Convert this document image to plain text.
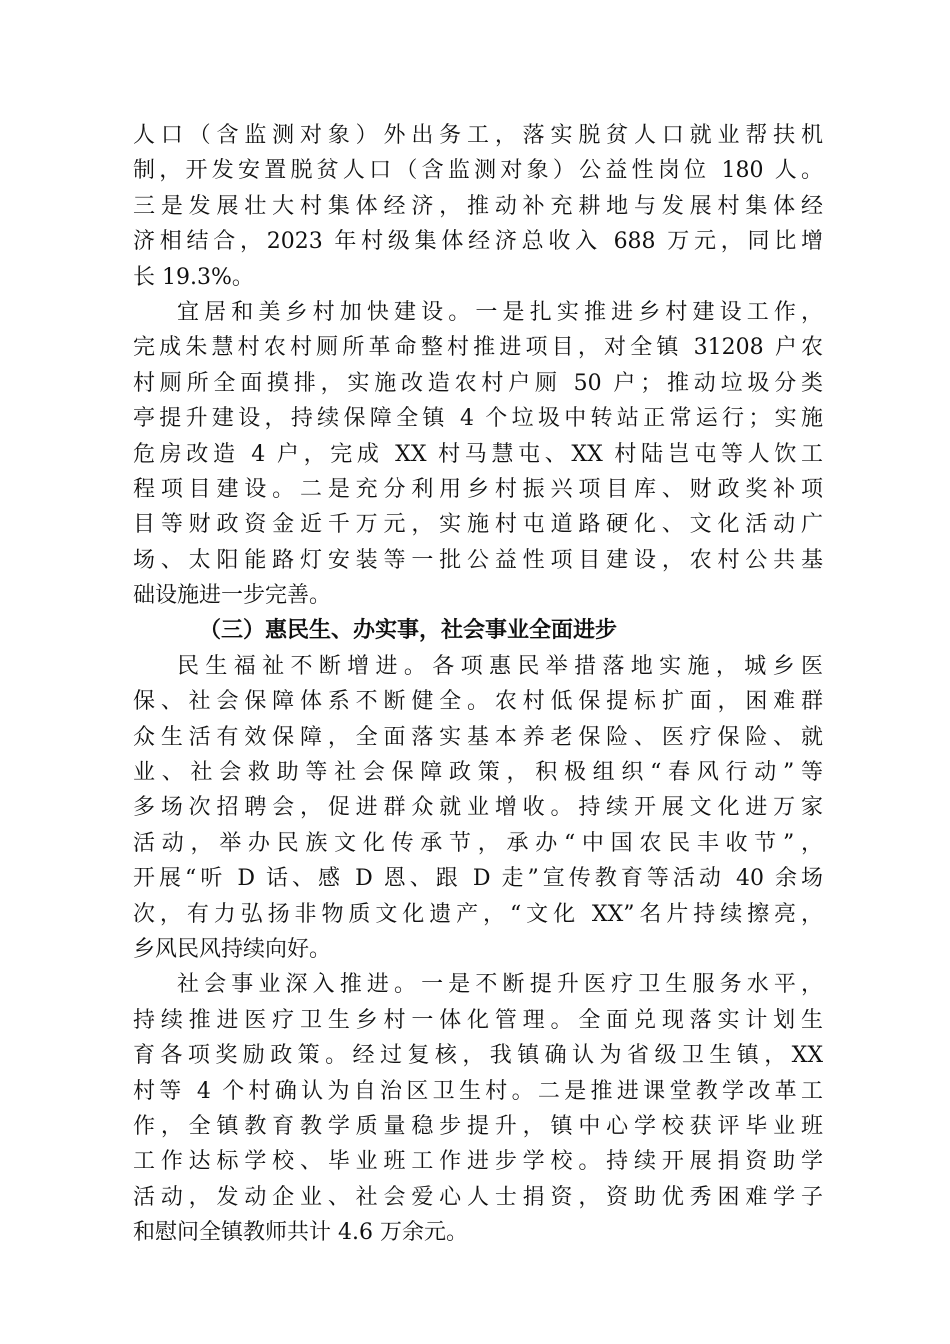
人口（含监测对象）外出务工，落实脱贫人口就业帮扶机
制，开发安置脱贫人口（含监测对象）公益性岗位 180 人。
三是发展壮大村集体经济，推动补充耕地与发展村集体经
济相结合，2023 年村级集体经济总收入 688 万元，同比增
长 19.3%。
宜居和美乡村加快建设。一是扎实推进乡村建设工作，
完成朱慧村农村厕所革命整村推进项目，对全镇 31208 户农
村厕所全面摸排，实施改造农村户厕 50 户；推动垃圾分类
亭提升建设，持续保障全镇 4 个垃圾中转站正常运行；实施
危房改造 4 户，完成 XX 村马慧屯、XX 村陆岂屯等人饮工
程项目建设。二是充分利用乡村振兴项目库、财政奖补项
目等财政资金近千万元，实施村屯道路硬化、文化活动广
场、太阳能路灯安装等一批公益性项目建设，农村公共基
础设施进一步完善。
（三）惠民生、办实事，社会事业全面进步
民生福祉不断增进。各项惠民举措落地实施，城乡医
保、社会保障体系不断健全。农村低保提标扩面，困难群
众生活有效保障，全面落实基本养老保险、医疗保险、就
业、社会救助等社会保障政策，积极组织“春风行动”等
多场次招聘会，促进群众就业增收。持续开展文化进万家
活动，举办民族文化传承节，承办“中国农民丰收节”，
开展“听 D 话、感 D 恩、跟 D 走”宣传教育等活动 40 余场
次，有力弘扬非物质文化遗产，“文化 XX”名片持续擦亮，
乡风民风持续向好。
社会事业深入推进。一是不断提升医疗卫生服务水平，
持续推进医疗卫生乡村一体化管理。全面兑现落实计划生
育各项奖励政策。经过复核，我镇确认为省级卫生镇，XX
村等 4 个村确认为自治区卫生村。二是推进课堂教学改革工
作，全镇教育教学质量稳步提升，镇中心学校获评毕业班
工作达标学校、毕业班工作进步学校。持续开展捐资助学
活动，发动企业、社会爱心人士捐资，资助优秀困难学子
和慰问全镇教师共计 4.6 万余元。
